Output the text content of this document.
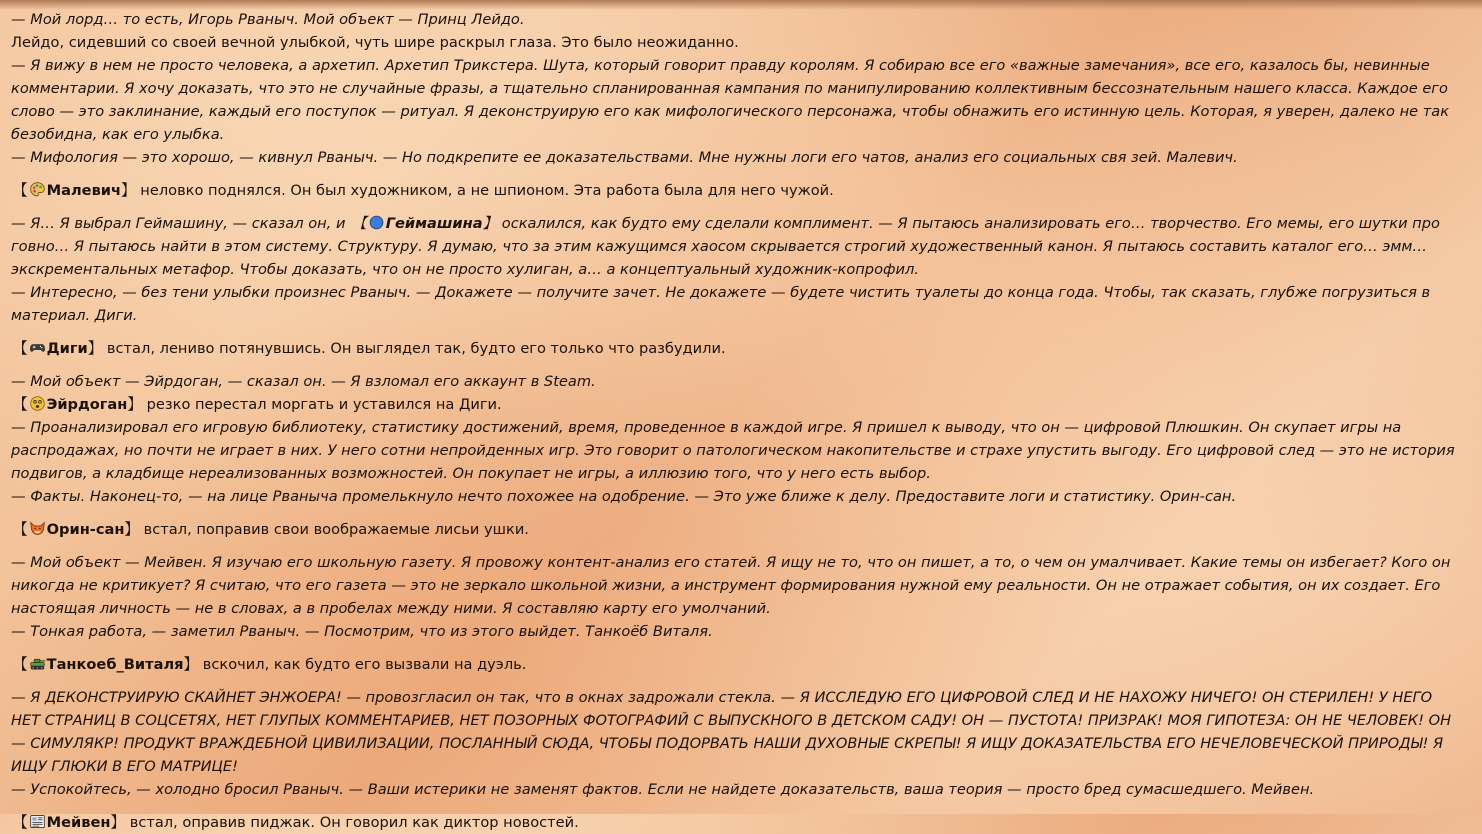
— Мой лорд… то есть, Игорь Рваныч. Мой объект — Принц Лейдо.

Лейдо, сидевший со своей вечной улыбкой, чуть шире раскрыл глаза. Это было неожиданно.

— Я вижу в нем не просто человека, а архетип. Архетип Трикстера. Шута, который говорит правду королям. Я собираю все его «важные замечания», все его, казалось бы, невинные комментарии. Я хочу доказать, что это не случайные фразы, а тщательно спланированная кампания по манипулированию коллективным бессознательным нашего класса. Каждое его слово — это заклинание, каждый его поступок — ритуал. Я деконструирую его как мифологического персонажа, чтобы обнажить его истинную цель. Которая, я уверен, далеко не так безобидна, как его улыбка.

— Мифология — это хорошо, — кивнул Рваныч. — Но подкрепите ее доказательствами. Мне нужны логи его чатов, анализ его социальных свя зей. Малевич.

【 Малевич】 неловко поднялся. Он был художником, а не шпионом. Эта работа была для него чужой.

— Я… Я выбрал Геймашину, — сказал он, и 【 Геймашина】 оскалился, как будто ему сделали комплимент. — Я пытаюсь анализировать его… творчество. Его мемы, его шутки про говно… Я пытаюсь найти в этом систему. Структуру. Я думаю, что за этим кажущимся хаосом скрывается строгий художественный канон. Я пытаюсь составить каталог его… эмм… экскрементальных метафор. Чтобы доказать, что он не просто хулиган, а… а концептуальный художник-копрофил.

— Интересно, — без тени улыбки произнес Рваныч. — Докажете — получите зачет. Не докажете — будете чистить туалеты до конца года. Чтобы, так сказать, глубже погрузиться в материал. Диги.

【 Диги】 встал, лениво потянувшись. Он выглядел так, будто его только что разбудили.

— Мой объект — Эйрдоган, — сказал он. — Я взломал его аккаунт в Steam.

【 Эйрдоган】 резко перестал моргать и уставился на Диги.

— Проанализировал его игровую библиотеку, статистику достижений, время, проведенное в каждой игре. Я пришел к выводу, что он — цифровой Плюшкин. Он скупает игры на распродажах, но почти не играет в них. У него сотни непройденных игр. Это говорит о патологическом накопительстве и страхе упустить выгоду. Его цифровой след — это не история подвигов, а кладбище нереализованных возможностей. Он покупает не игры, а иллюзию того, что у него есть выбор.

— Факты. Наконец-то, — на лице Рваныча промелькнуло нечто похожее на одобрение. — Это уже ближе к делу. Предоставите логи и статистику. Орин-сан.

【 Орин-сан】 встал, поправив свои воображаемые лисьи ушки.

— Мой объект — Мейвен. Я изучаю его школьную газету. Я провожу контент-анализ его статей. Я ищу не то, что он пишет, а то, о чем он умалчивает. Какие темы он избегает? Кого он никогда не критикует? Я считаю, что его газета — это не зеркало школьной жизни, а инструмент формирования нужной ему реальности. Он не отражает события, он их создает. Его настоящая личность — не в словах, а в пробелах между ними. Я составляю карту его умолчаний.

— Тонкая работа, — заметил Рваныч. — Посмотрим, что из этого выйдет. Танкоёб Виталя.

【 Танкоеб_Виталя】 вскочил, как будто его вызвали на дуэль.

— Я ДЕКОНСТРУИРУЮ СКАЙНЕТ ЭНЖОЕРА! — провозгласил он так, что в окнах задрожали стекла. — Я ИССЛЕДУЮ ЕГО ЦИФРОВОЙ СЛЕД И НЕ НАХОЖУ НИЧЕГО! ОН СТЕРИЛЕН! У НЕГО НЕТ СТРАНИЦ В СОЦСЕТЯХ, НЕТ ГЛУПЫХ КОММЕНТАРИЕВ, НЕТ ПОЗОРНЫХ ФОТОГРАФИЙ С ВЫПУСКНОГО В ДЕТСКОМ САДУ! ОН — ПУСТОТА! ПРИЗРАК! МОЯ ГИПОТЕЗА: ОН НЕ ЧЕЛОВЕК! ОН — СИМУЛЯКР! ПРОДУКТ ВРАЖДЕБНОЙ ЦИВИЛИЗАЦИИ, ПОСЛАННЫЙ СЮДА, ЧТОБЫ ПОДОРВАТЬ НАШИ ДУХОВНЫЕ СКРЕПЫ! Я ИЩУ ДОКАЗАТЕЛЬСТВА ЕГО НЕЧЕЛОВЕЧЕСКОЙ ПРИРОДЫ! Я ИЩУ ГЛЮКИ В ЕГО МАТРИЦЕ!

— Успокойтесь, — холодно бросил Рваныч. — Ваши истерики не заменят фактов. Если не найдете доказательств, ваша теория — просто бред сумасшедшего. Мейвен.

【 Мейвен】 встал, оправив пиджак. Он говорил как диктор новостей.
